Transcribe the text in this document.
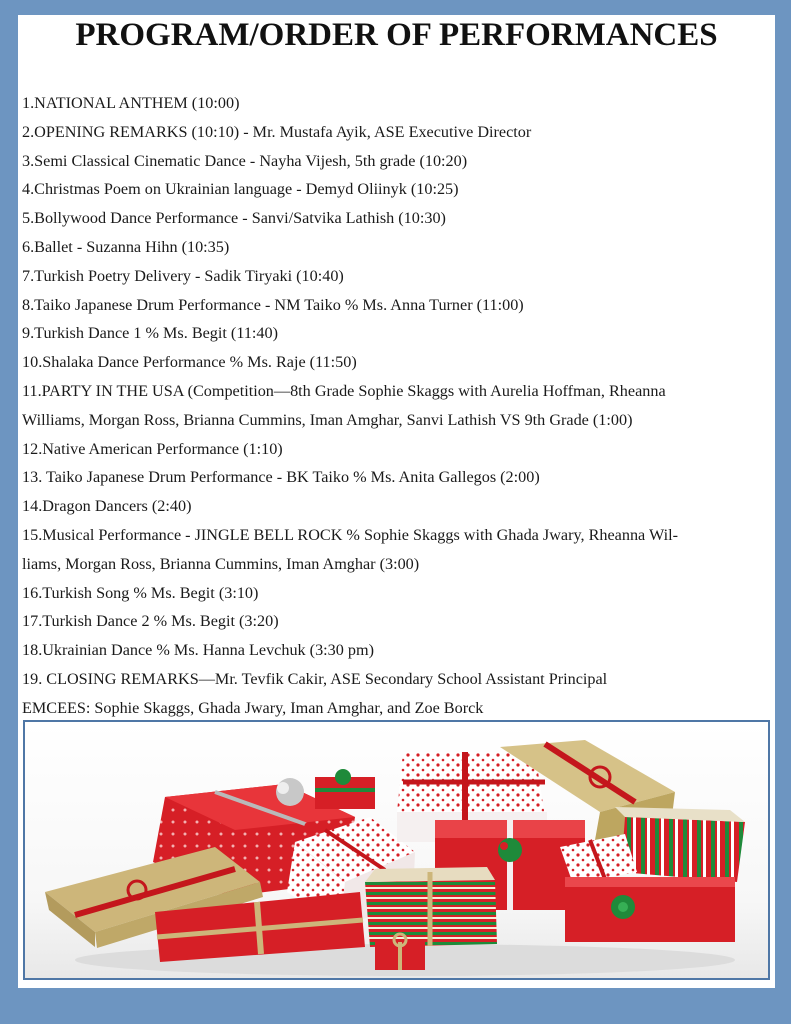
PROGRAM/ORDER OF PERFORMANCES
1.NATIONAL ANTHEM (10:00)
2.OPENING REMARKS (10:10) - Mr. Mustafa Ayik, ASE Executive Director
3.Semi Classical Cinematic Dance - Nayha Vijesh, 5th grade (10:20)
4.Christmas Poem on Ukrainian language - Demyd Oliinyk (10:25)
5.Bollywood Dance Performance - Sanvi/Satvika Lathish (10:30)
6.Ballet - Suzanna Hihn (10:35)
7.Turkish Poetry Delivery - Sadik Tiryaki (10:40)
8.Taiko Japanese Drum Performance - NM Taiko % Ms. Anna Turner (11:00)
9.Turkish Dance 1 % Ms. Begit (11:40)
10.Shalaka Dance Performance % Ms. Raje (11:50)
11.PARTY IN THE USA (Competition—8th Grade Sophie Skaggs with Aurelia Hoffman, Rheanna
Williams, Morgan Ross, Brianna Cummins, Iman Amghar, Sanvi Lathish VS 9th Grade (1:00)
12.Native American Performance (1:10)
13. Taiko Japanese Drum Performance - BK Taiko % Ms. Anita Gallegos (2:00)
14.Dragon Dancers (2:40)
15.Musical Performance - JINGLE BELL ROCK % Sophie Skaggs with Ghada Jwary, Rheanna Wil-
liams, Morgan Ross, Brianna Cummins, Iman Amghar (3:00)
16.Turkish Song % Ms. Begit (3:10)
17.Turkish Dance 2 % Ms. Begit (3:20)
18.Ukrainian Dance % Ms. Hanna Levchuk (3:30 pm)
19. CLOSING REMARKS—Mr. Tevfik Cakir, ASE Secondary School Assistant Principal
EMCEES: Sophie Skaggs, Ghada Jwary, Iman Amghar, and Zoe Borck
